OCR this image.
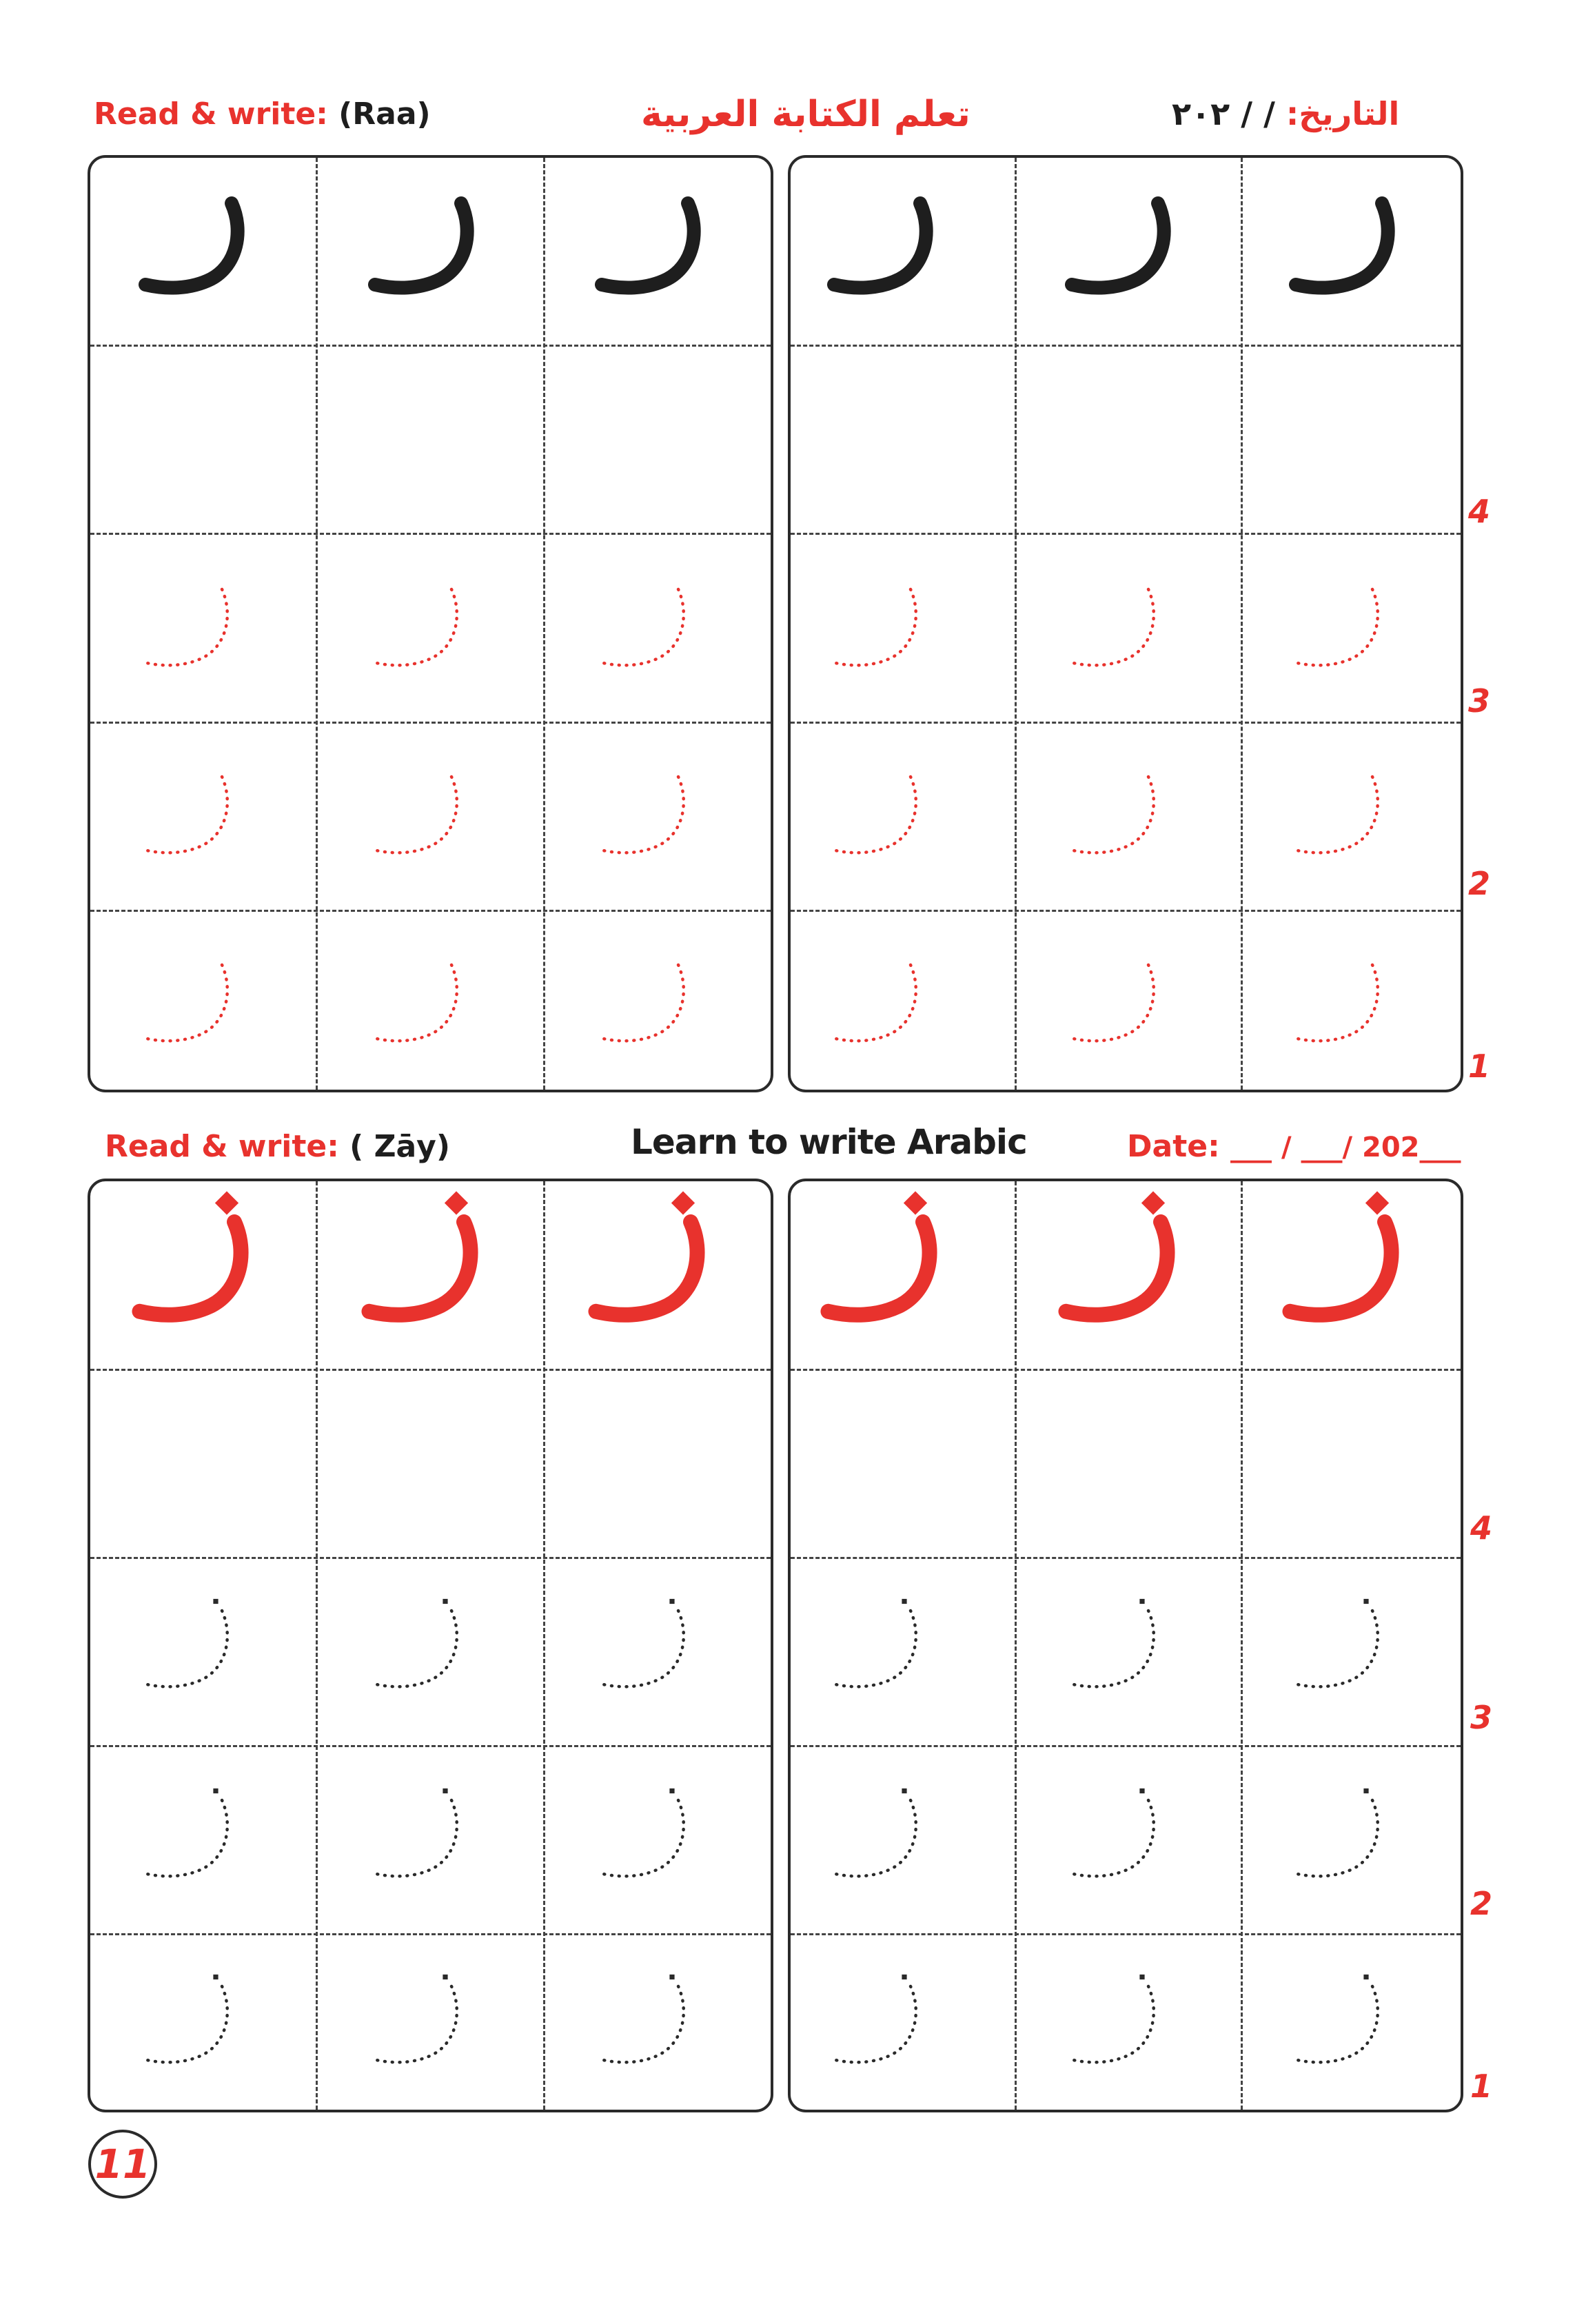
Read & write: (Raa)	تعلم الكتابة العربية	التاريخ: / / ٢٠٢
4
3
2
1
Read & write: ( Zāy)	Learn to write Arabic	Date: ___ / ___/ 202___
4
3
2
1
11
